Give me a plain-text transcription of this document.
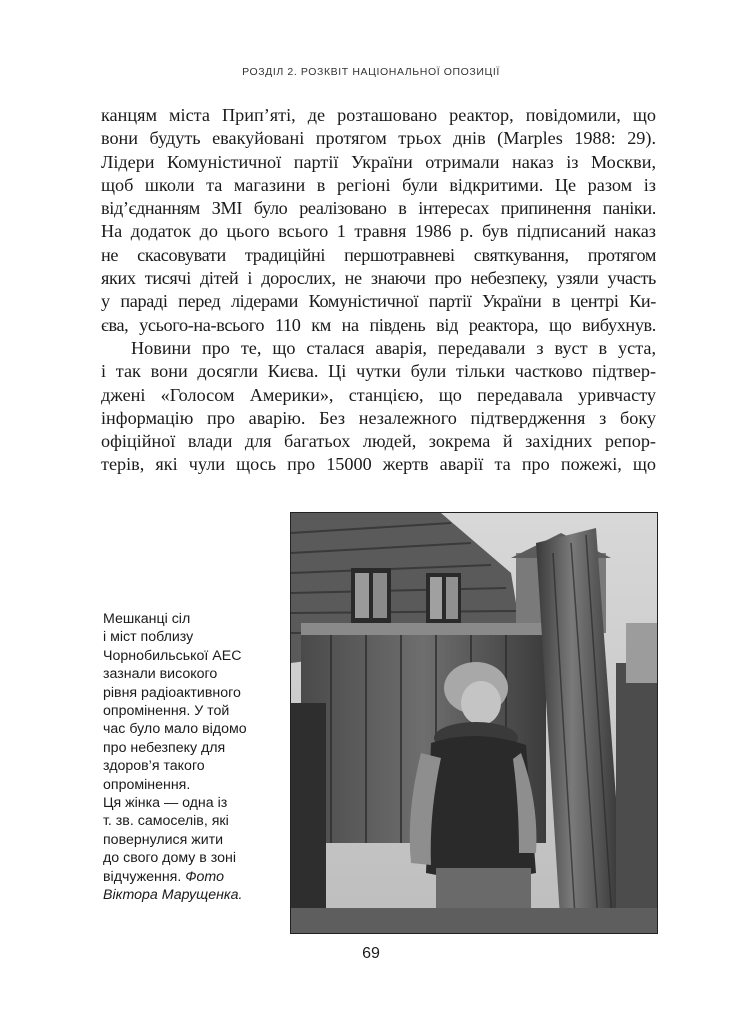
РОЗДІЛ 2. РОЗКВІТ НАЦІОНАЛЬНОЇ ОПОЗИЦІЇ
канцям міста Прип’яті, де розташовано реактор, повідомили, що
вони будуть евакуйовані протягом трьох днів (Marples 1988: 29).
Лідери Комуністичної партії України отримали наказ із Москви,
щоб школи та магазини в регіоні були відкритими. Це разом із
від’єднанням ЗМІ було реалізовано в інтересах припинення паніки.
На додаток до цього всього 1 травня 1986 р. був підписаний наказ
не скасовувати традиційні першотравневі святкування, протягом
яких тисячі дітей і дорослих, не знаючи про небезпеку, узяли участь
у параді перед лідерами Комуністичної партії України в центрі Ки-
єва, усього-на-всього 110 км на південь від реактора, що вибухнув.
Новини про те, що сталася аварія, передавали з вуст в уста,
і так вони досягли Києва. Ці чутки були тільки частково підтвер-
джені «Голосом Америки», станцією, що передавала уривчасту
інформацію про аварію. Без незалежного підтвердження з боку
офіційної влади для багатьох людей, зокрема й західних репор-
терів, які чули щось про 15000 жертв аварії та про пожежі, що
Мешканці сіл
і міст поблизу
Чорнобильської АЕС
зазнали високого
рівня радіоактивного
опромінення. У той
час було мало відомо
про небезпеку для
здоров’я такого
опромінення.
Ця жінка — одна із
т. зв. самоселів, які
повернулися жити
до свого дому в зоні
відчуження. Фото
Віктора Марущенка.
69
